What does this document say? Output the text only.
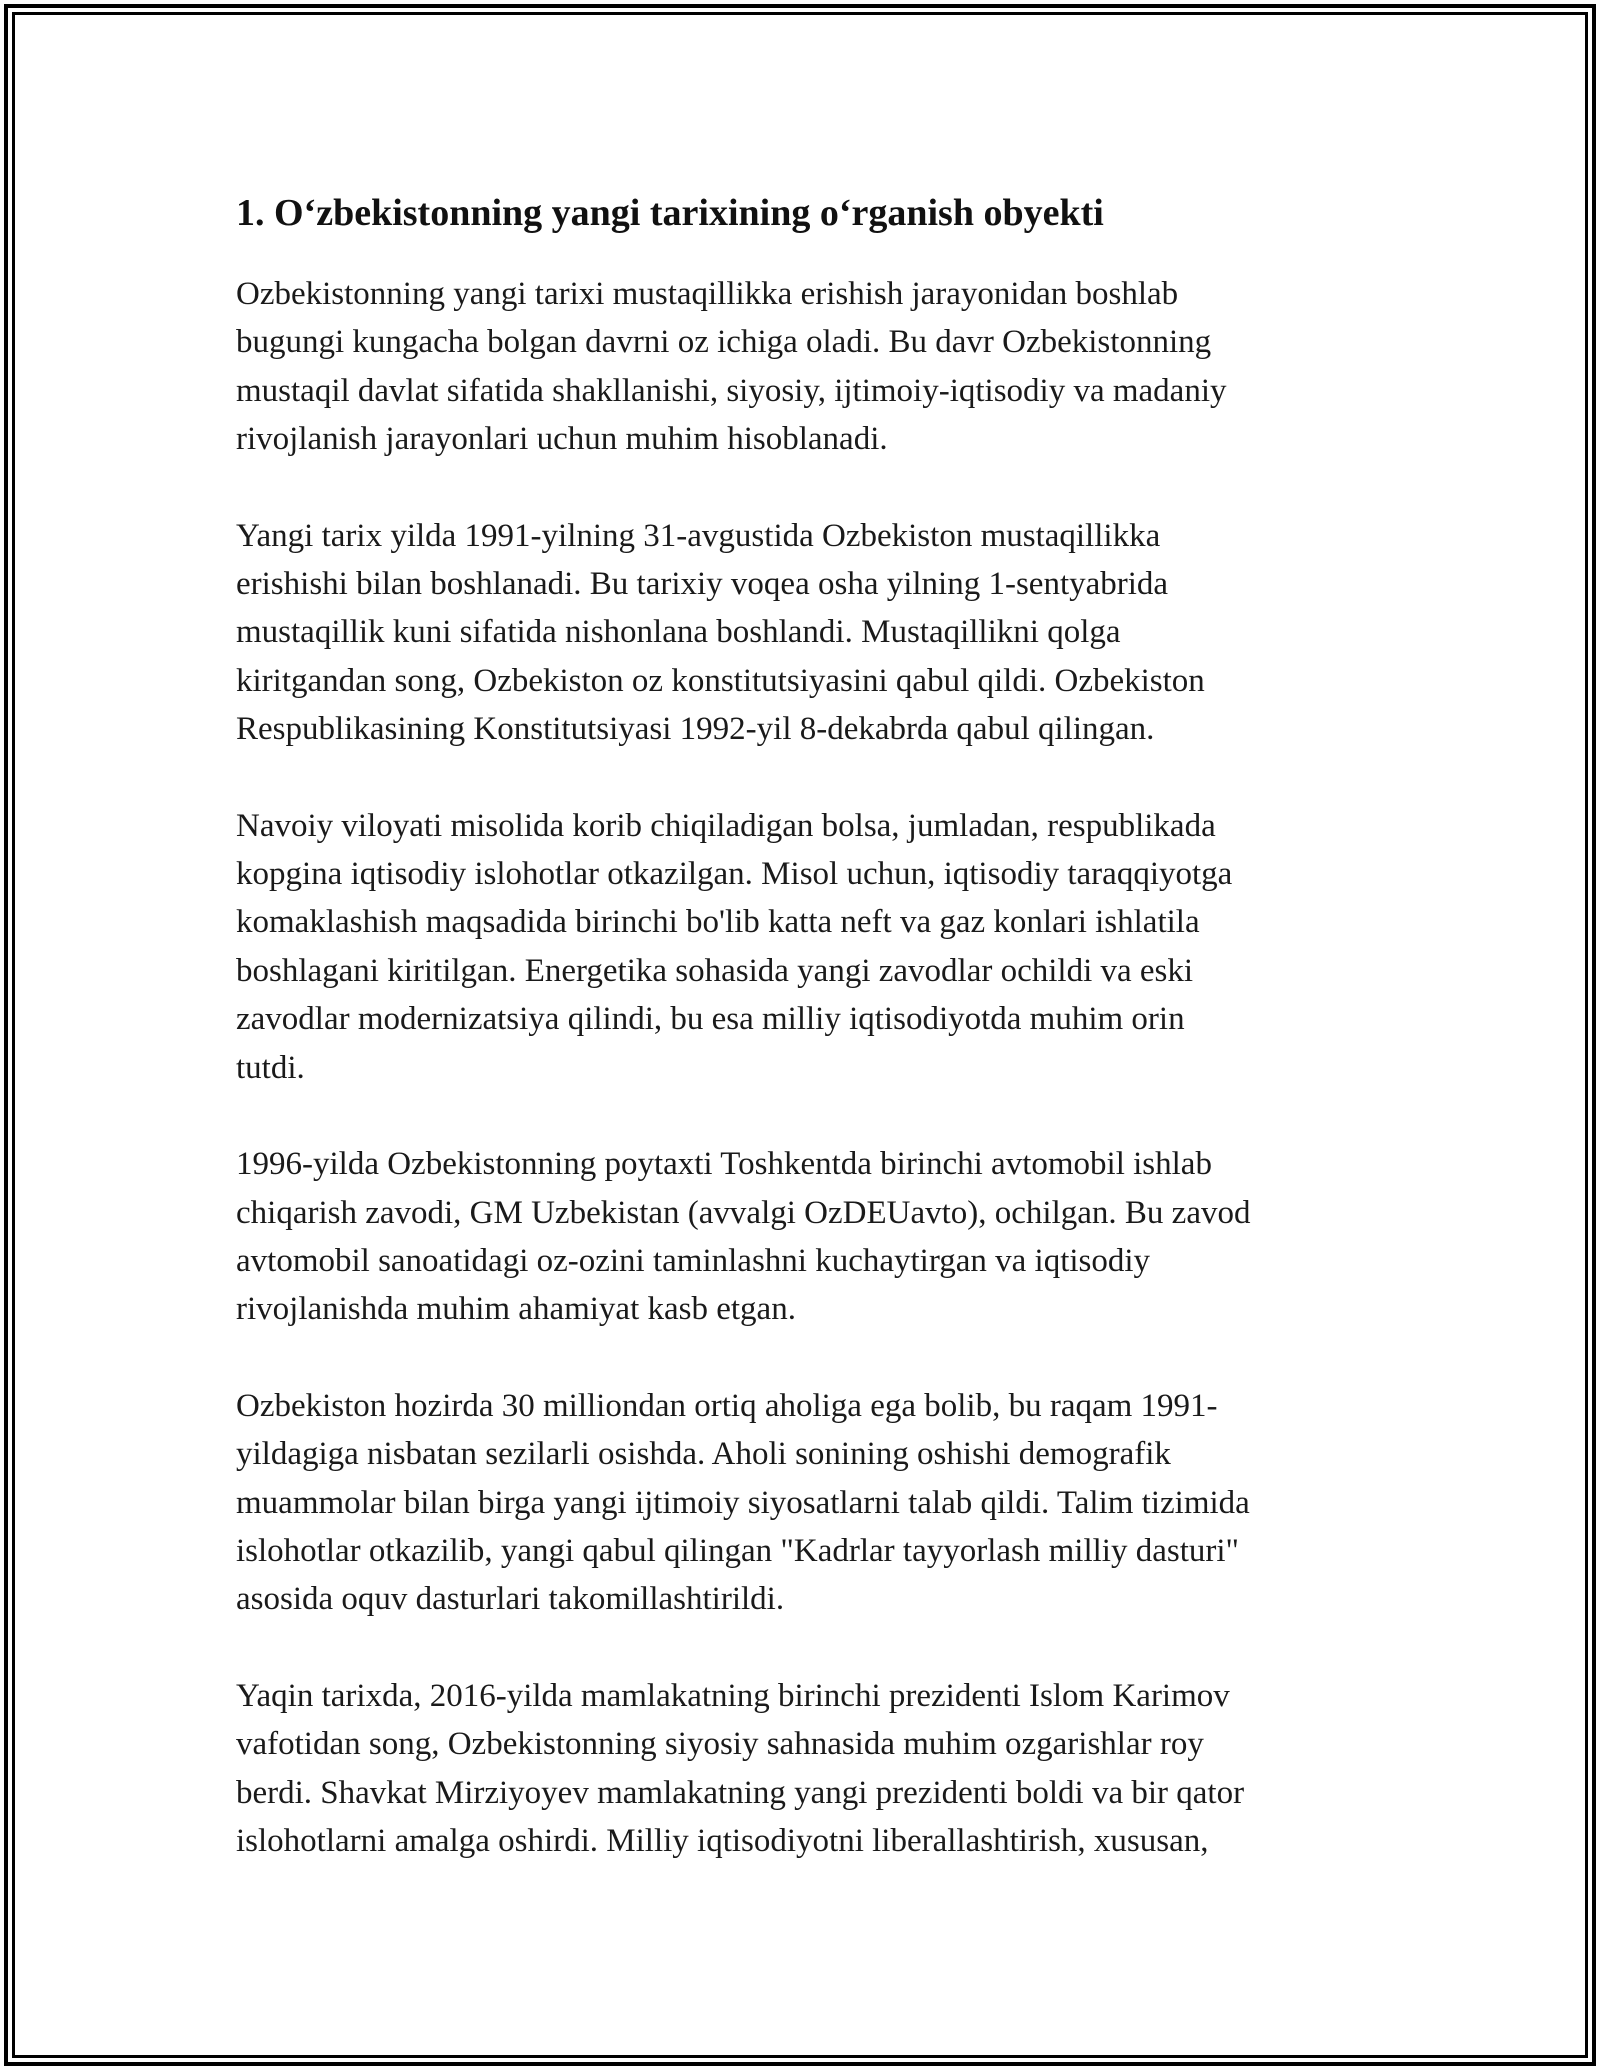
1. O‘zbekistonning yangi tarixining o‘rganish obyekti

Ozbekistonning yangi tarixi mustaqillikka erishish jarayonidan boshlab
bugungi kungacha bolgan davrni oz ichiga oladi. Bu davr Ozbekistonning
mustaqil davlat sifatida shakllanishi, siyosiy, ijtimoiy-iqtisodiy va madaniy
rivojlanish jarayonlari uchun muhim hisoblanadi.

Yangi tarix yilda 1991-yilning 31-avgustida Ozbekiston mustaqillikka
erishishi bilan boshlanadi. Bu tarixiy voqea osha yilning 1-sentyabrida
mustaqillik kuni sifatida nishonlana boshlandi. Mustaqillikni qolga
kiritgandan song, Ozbekiston oz konstitutsiyasini qabul qildi. Ozbekiston
Respublikasining Konstitutsiyasi 1992-yil 8-dekabrda qabul qilingan.

Navoiy viloyati misolida korib chiqiladigan bolsa, jumladan, respublikada
kopgina iqtisodiy islohotlar otkazilgan. Misol uchun, iqtisodiy taraqqiyotga
komaklashish maqsadida birinchi bo'lib katta neft va gaz konlari ishlatila
boshlagani kiritilgan. Energetika sohasida yangi zavodlar ochildi va eski
zavodlar modernizatsiya qilindi, bu esa milliy iqtisodiyotda muhim orin
tutdi.

1996-yilda Ozbekistonning poytaxti Toshkentda birinchi avtomobil ishlab
chiqarish zavodi, GM Uzbekistan (avvalgi OzDEUavto), ochilgan. Bu zavod
avtomobil sanoatidagi oz-ozini taminlashni kuchaytirgan va iqtisodiy
rivojlanishda muhim ahamiyat kasb etgan.

Ozbekiston hozirda 30 milliondan ortiq aholiga ega bolib, bu raqam 1991-
yildagiga nisbatan sezilarli osishda. Aholi sonining oshishi demografik
muammolar bilan birga yangi ijtimoiy siyosatlarni talab qildi. Talim tizimida
islohotlar otkazilib, yangi qabul qilingan "Kadrlar tayyorlash milliy dasturi"
asosida oquv dasturlari takomillashtirildi.

Yaqin tarixda, 2016-yilda mamlakatning birinchi prezidenti Islom Karimov
vafotidan song, Ozbekistonning siyosiy sahnasida muhim ozgarishlar roy
berdi. Shavkat Mirziyoyev mamlakatning yangi prezidenti boldi va bir qator
islohotlarni amalga oshirdi. Milliy iqtisodiyotni liberallashtirish, xususan,
